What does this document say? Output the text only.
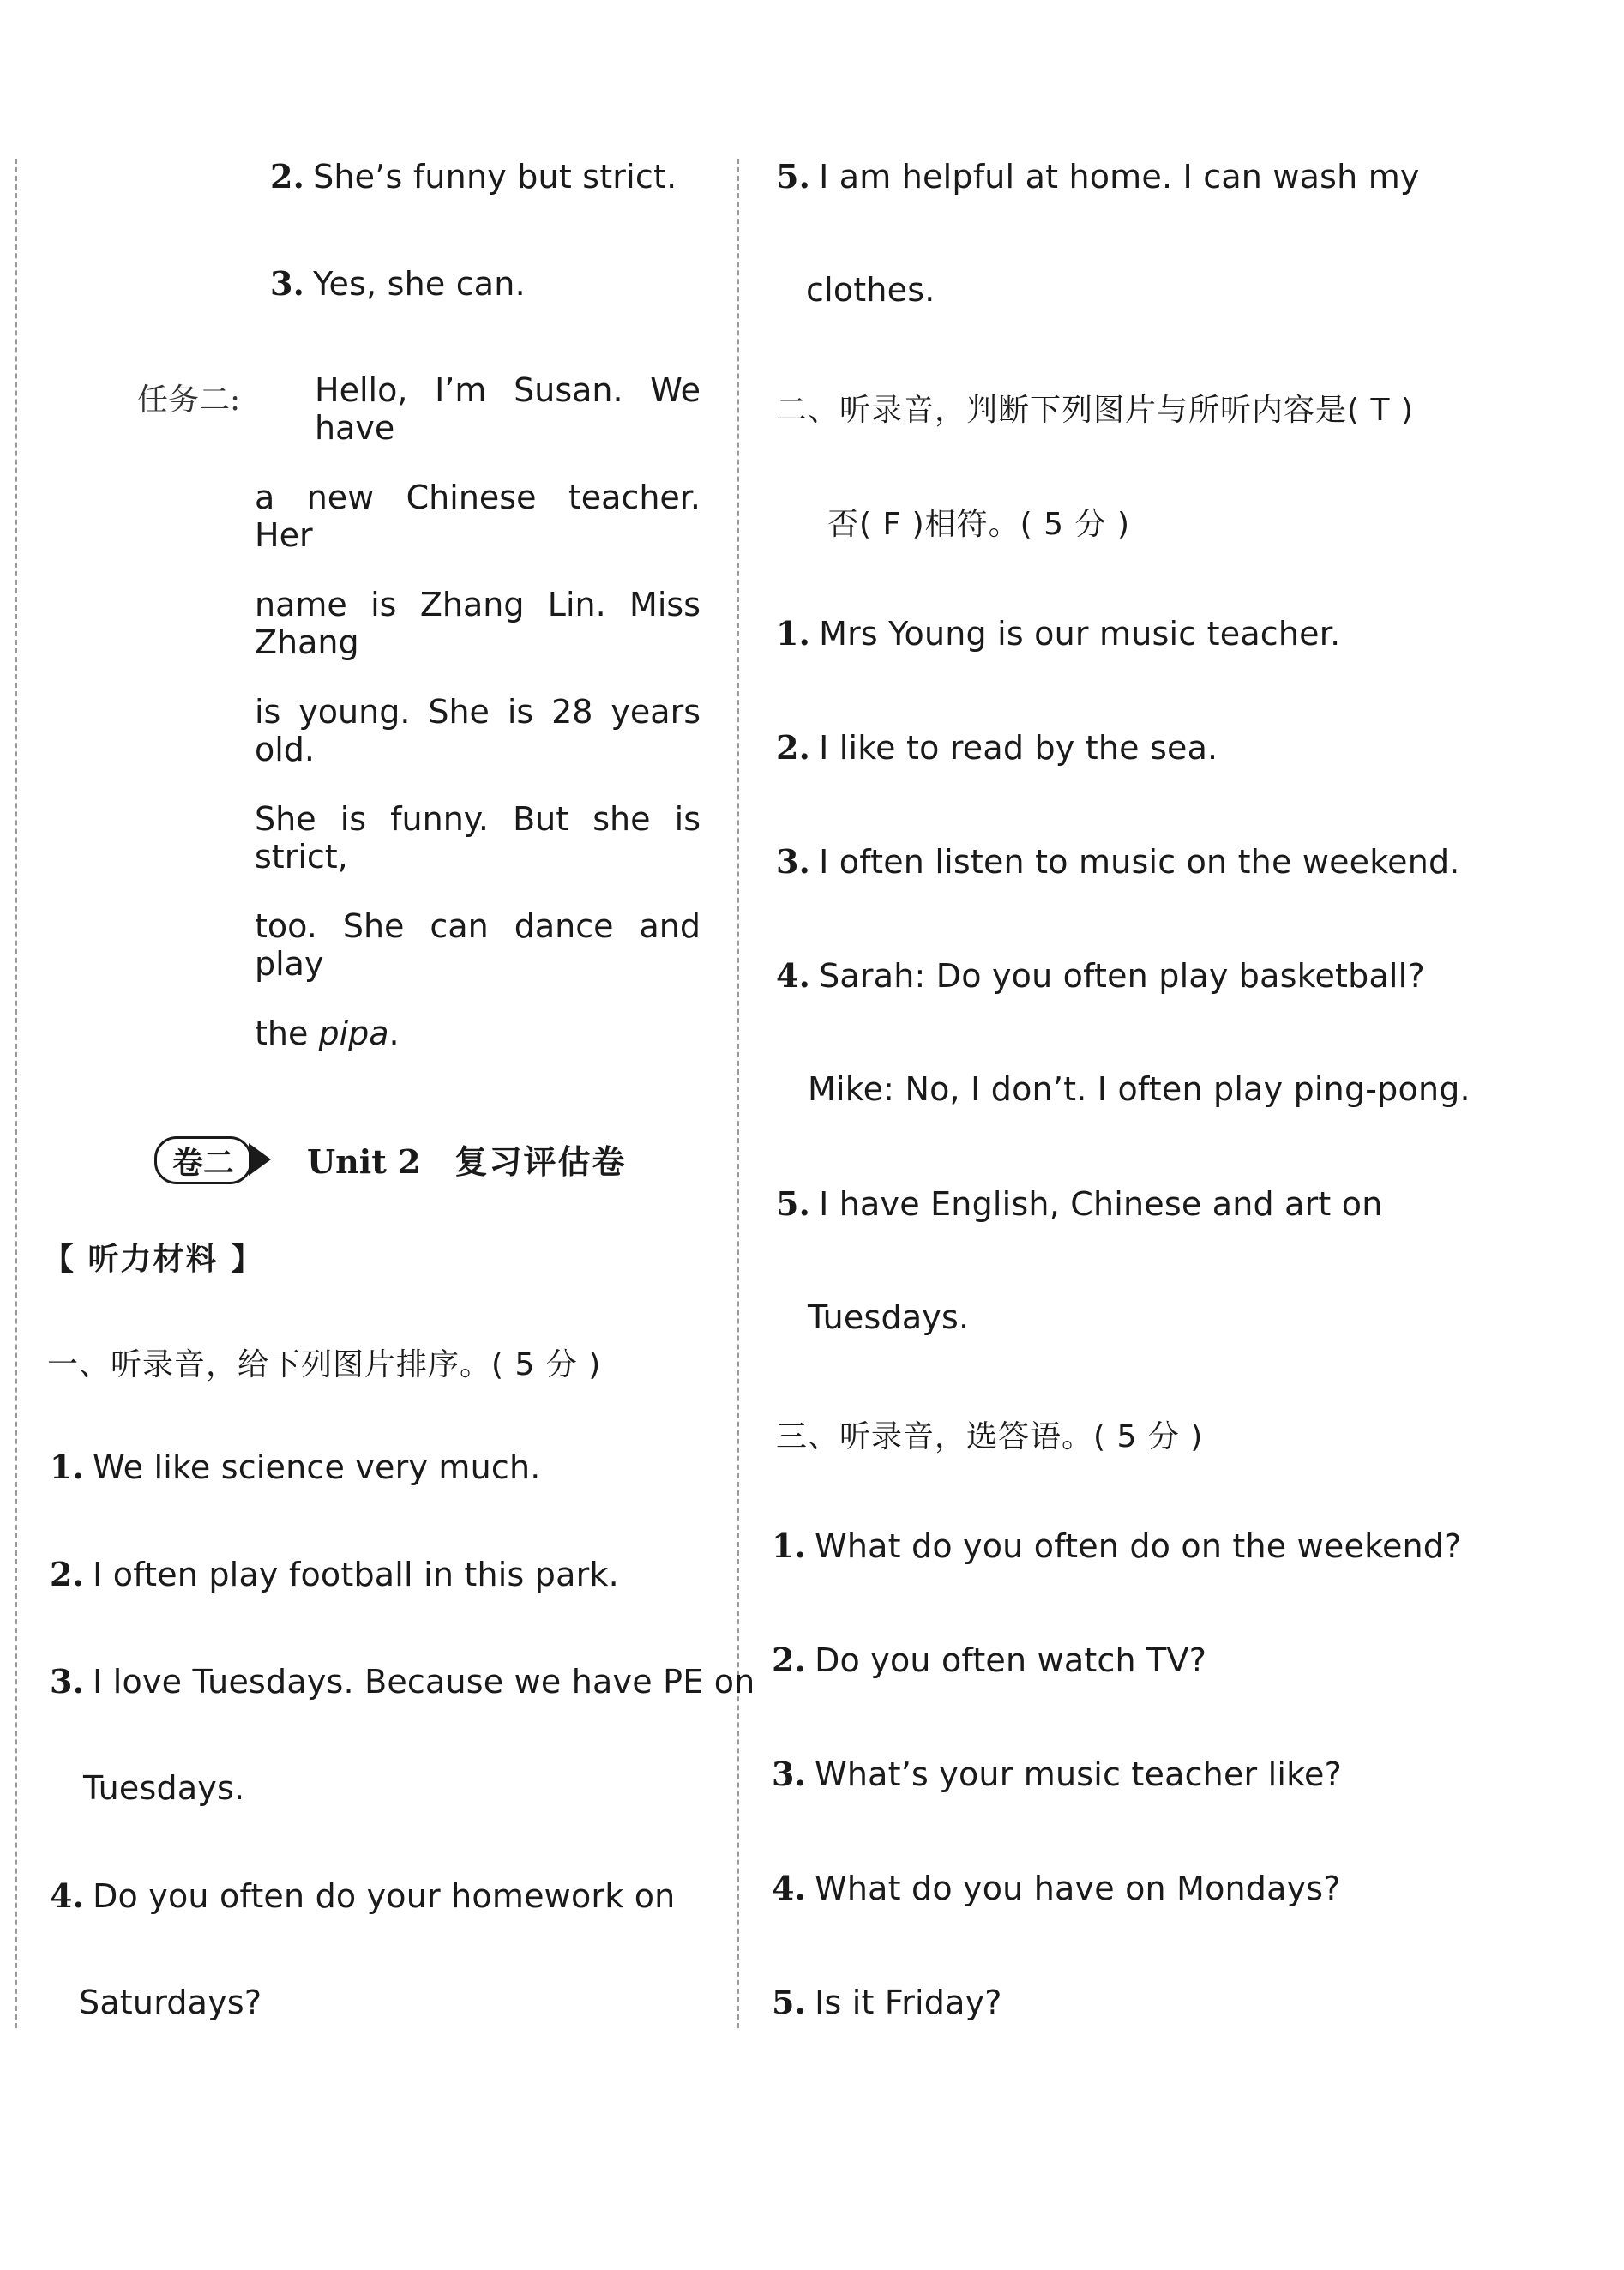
2. She’s funny but strict.
3. Yes, she can.
任务二: Hello, I’m Susan. We have
a new Chinese teacher. Her
name is Zhang Lin. Miss Zhang
is young. She is 28 years old.
She is funny. But she is strict,
too. She can dance and play
the pipa.
卷二	Unit 2 复习评估卷
【 听力材料 】
一、听录音，给下列图片排序。( 5 分 )
1. We like science very much.
2. I often play football in this park.
3. I love Tuesdays. Because we have PE on
Tuesdays.
4. Do you often do your homework on
Saturdays?
5. I am helpful at home. I can wash my
clothes.
二、听录音，判断下列图片与所听内容是( T )
否( F )相符。( 5 分 )
1. Mrs Young is our music teacher.
2. I like to read by the sea.
3. I often listen to music on the weekend.
4. Sarah: Do you often play basketball?
Mike: No, I don’t. I often play ping-pong.
5. I have English, Chinese and art on
Tuesdays.
三、听录音，选答语。( 5 分 )
1. What do you often do on the weekend?
2. Do you often watch TV?
3. What’s your music teacher like?
4. What do you have on Mondays?
5. Is it Friday?
